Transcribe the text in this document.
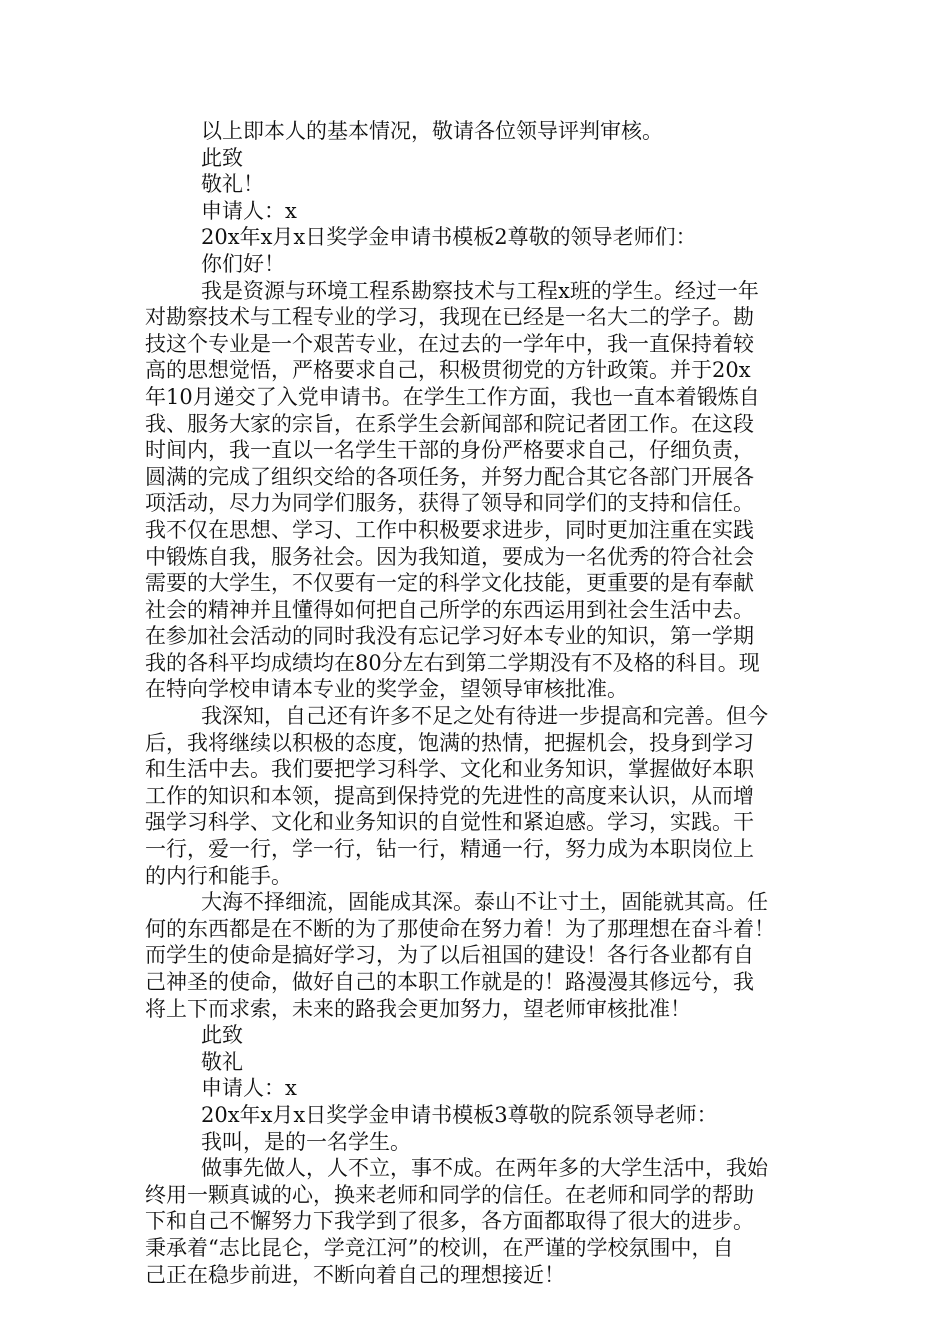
以上即本人的基本情况，敬请各位领导评判审核。

此致

敬礼！

申请人：x

20x年x月x日奖学金申请书模板2尊敬的领导老师们：

你们好！

我是资源与环境工程系勘察技术与工程x班的学生。经过一年

对勘察技术与工程专业的学习，我现在已经是一名大二的学子。勘

技这个专业是一个艰苦专业，在过去的一学年中，我一直保持着较

高的思想觉悟，严格要求自己，积极贯彻党的方针政策。并于20x

年10月递交了入党申请书。在学生工作方面，我也一直本着锻炼自

我、服务大家的宗旨，在系学生会新闻部和院记者团工作。在这段

时间内，我一直以一名学生干部的身份严格要求自己，仔细负责，

圆满的完成了组织交给的各项任务，并努力配合其它各部门开展各

项活动，尽力为同学们服务，获得了领导和同学们的支持和信任。

我不仅在思想、学习、工作中积极要求进步，同时更加注重在实践

中锻炼自我，服务社会。因为我知道，要成为一名优秀的符合社会

需要的大学生，不仅要有一定的科学文化技能，更重要的是有奉献

社会的精神并且懂得如何把自己所学的东西运用到社会生活中去。

在参加社会活动的同时我没有忘记学习好本专业的知识，第一学期

我的各科平均成绩均在80分左右到第二学期没有不及格的科目。现

在特向学校申请本专业的奖学金，望领导审核批准。

我深知，自己还有许多不足之处有待进一步提高和完善。但今

后，我将继续以积极的态度，饱满的热情，把握机会，投身到学习

和生活中去。我们要把学习科学、文化和业务知识，掌握做好本职

工作的知识和本领，提高到保持党的先进性的高度来认识，从而增

强学习科学、文化和业务知识的自觉性和紧迫感。学习，实践。干

一行，爱一行，学一行，钻一行，精通一行，努力成为本职岗位上

的内行和能手。

大海不择细流，固能成其深。泰山不让寸土，固能就其高。任

何的东西都是在不断的为了那使命在努力着！为了那理想在奋斗着！

而学生的使命是搞好学习，为了以后祖国的建设！各行各业都有自

己神圣的使命，做好自己的本职工作就是的！路漫漫其修远兮，我

将上下而求索，未来的路我会更加努力，望老师审核批准！

此致

敬礼

申请人：x

20x年x月x日奖学金申请书模板3尊敬的院系领导老师：

我叫，是的一名学生。

做事先做人，人不立，事不成。在两年多的大学生活中，我始

终用一颗真诚的心，换来老师和同学的信任。在老师和同学的帮助

下和自己不懈努力下我学到了很多，各方面都取得了很大的进步。

秉承着“志比昆仑，学竞江河”的校训，在严谨的学校氛围中，自

己正在稳步前进，不断向着自己的理想接近！
